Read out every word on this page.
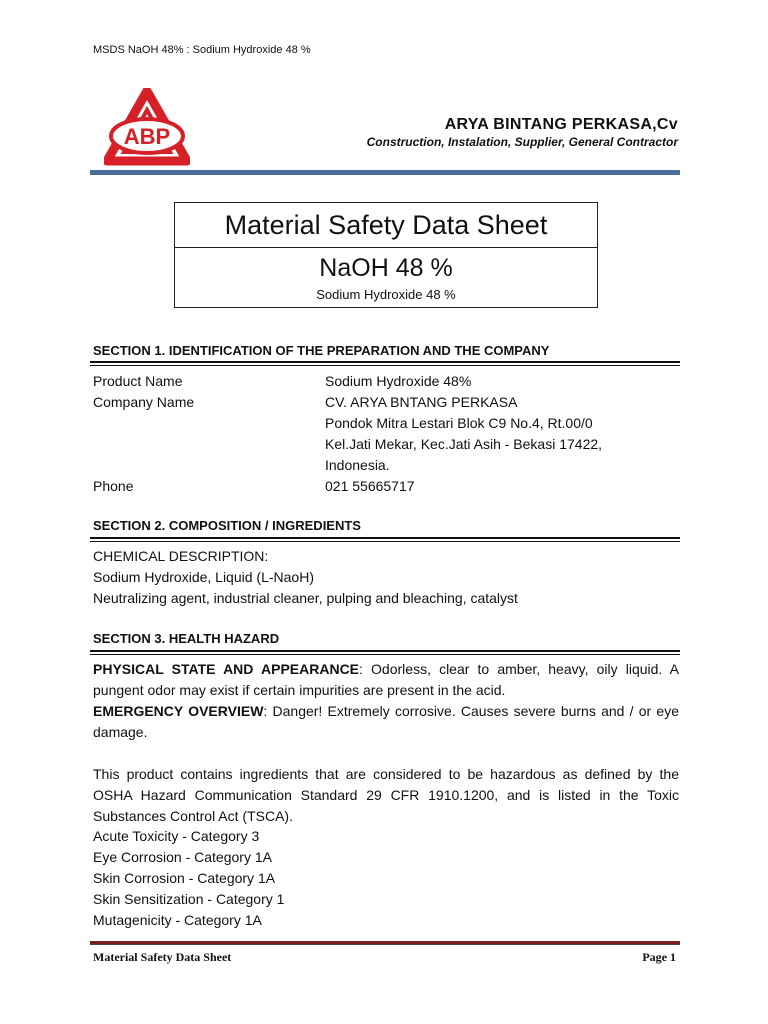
MSDS NaOH 48% : Sodium Hydroxide 48 %
ABP	ARYA BINTANG PERKASA,Cv
Construction, Instalation, Supplier, General Contractor
Material Safety Data Sheet
NaOH 48 %
Sodium Hydroxide 48 %
SECTION 1. IDENTIFICATION OF THE PREPARATION AND THE COMPANY
Product Name	Sodium Hydroxide 48%
Company Name	CV. ARYA BNTANG PERKASA
Pondok Mitra Lestari Blok C9 No.4, Rt.00/0
Kel.Jati Mekar, Kec.Jati Asih - Bekasi 17422,
Indonesia.
Phone	021 55665717
SECTION 2. COMPOSITION / INGREDIENTS
CHEMICAL DESCRIPTION:
Sodium Hydroxide, Liquid (L-NaoH)
Neutralizing agent, industrial cleaner, pulping and bleaching, catalyst
SECTION 3. HEALTH HAZARD
PHYSICAL STATE AND APPEARANCE: Odorless, clear to amber, heavy, oily liquid. A pungent odor may exist if certain impurities are present in the acid.
EMERGENCY OVERVIEW: Danger! Extremely corrosive. Causes severe burns and / or eye damage.
This product contains ingredients that are considered to be hazardous as defined by the OSHA Hazard Communication Standard 29 CFR 1910.1200, and is listed in the Toxic Substances Control Act (TSCA).
Acute Toxicity - Category 3
Eye Corrosion - Category 1A
Skin Corrosion - Category 1A
Skin Sensitization - Category 1
Mutagenicity - Category 1A
Material Safety Data Sheet	Page 1
